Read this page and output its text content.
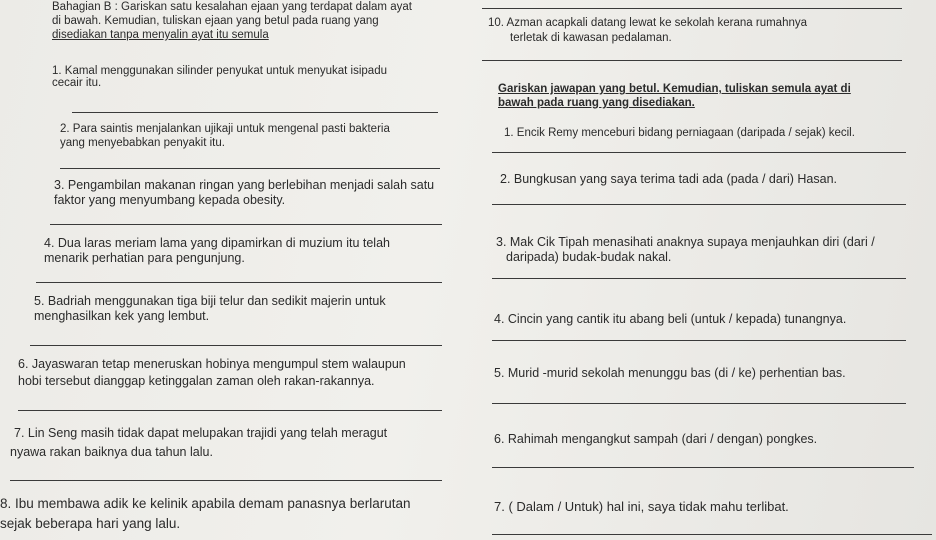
Bahagian B : Gariskan satu kesalahan ejaan yang terdapat dalam ayat
di bawah. Kemudian, tuliskan ejaan yang betul pada ruang yang
disediakan tanpa menyalin ayat itu semula
1. Kamal menggunakan silinder penyukat untuk menyukat isipadu
cecair itu.
2. Para saintis menjalankan ujikaji untuk mengenal pasti bakteria
yang menyebabkan penyakit itu.
3. Pengambilan makanan ringan yang berlebihan menjadi salah satu
faktor yang menyumbang kepada obesity.
4. Dua laras meriam lama yang dipamirkan di muzium itu telah
menarik perhatian para pengunjung.
5. Badriah menggunakan tiga biji telur dan sedikit majerin untuk
menghasilkan kek yang lembut.
6. Jayaswaran tetap meneruskan hobinya mengumpul stem walaupun
hobi tersebut dianggap ketinggalan zaman oleh rakan-rakannya.
7. Lin Seng masih tidak dapat melupakan trajidi yang telah meragut
nyawa rakan baiknya dua tahun lalu.
8. Ibu membawa adik ke kelinik apabila demam panasnya berlarutan
sejak beberapa hari yang lalu.
10. Azman acapkali datang lewat ke sekolah kerana rumahnya
terletak di kawasan pedalaman.
Gariskan jawapan yang betul. Kemudian, tuliskan semula ayat di
bawah pada ruang yang disediakan.
1. Encik Remy menceburi bidang perniagaan (daripada / sejak) kecil.
2. Bungkusan yang saya terima tadi ada (pada / dari) Hasan.
3. Mak Cik Tipah menasihati anaknya supaya menjauhkan diri (dari /
daripada) budak-budak nakal.
4. Cincin yang cantik itu abang beli (untuk / kepada) tunangnya.
5. Murid -murid sekolah menunggu bas (di / ke) perhentian bas.
6. Rahimah mengangkut sampah (dari / dengan) pongkes.
7. ( Dalam / Untuk) hal ini, saya tidak mahu terlibat.
